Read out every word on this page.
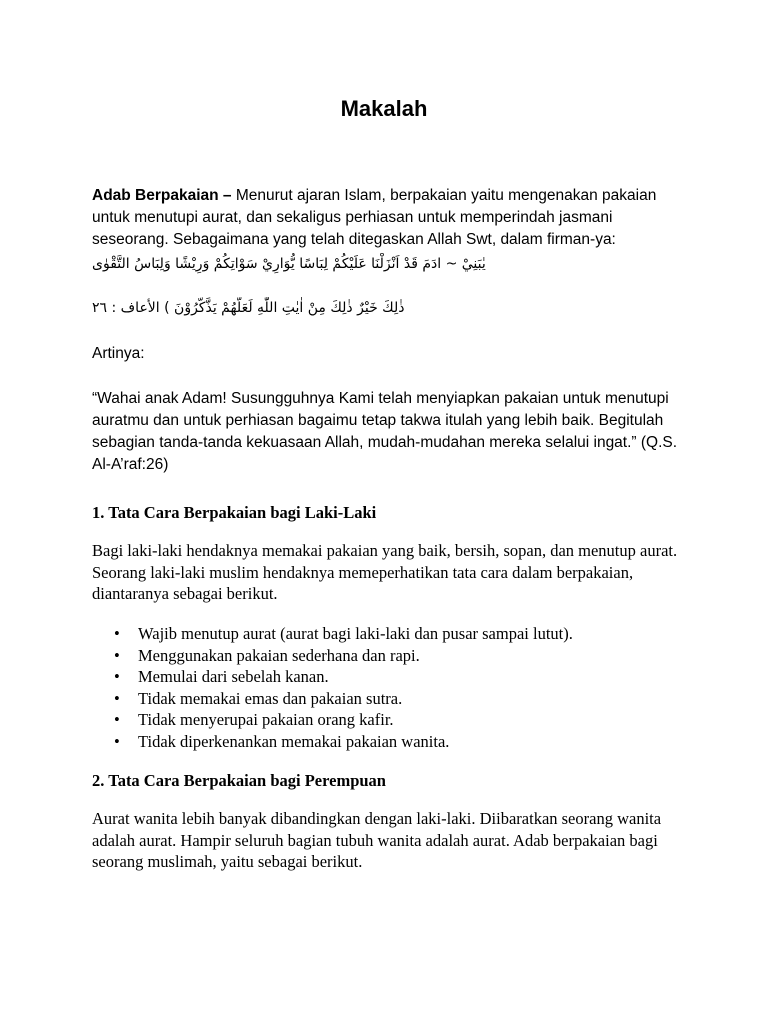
Makalah
Adab Berpakaian – Menurut ajaran Islam, berpakaian yaitu mengenakan pakaian untuk menutupi aurat, dan sekaligus perhiasan untuk memperindah jasmani seseorang. Sebagaimana yang telah ditegaskan Allah Swt, dalam firman-ya:
يٰبَنِيْ ~ ادَمَ قَدْ اَنْزَلْنَا عَلَيْكُمْ لِبَاسًا يُّوَارِيْ سَوْاتِكُمْ وَرِيْشًا وَلِبَاسُ التَّقْوٰى
ذٰلِكَ خَيْرٌ ذٰلِكَ مِنْ اٰيٰتِ اللّٰهِ لَعَلَّهُمْ يَذَّكَّرُوْنَ ) الأعاف : ٢٦
Artinya:
“Wahai anak Adam! Susungguhnya Kami telah menyiapkan pakaian untuk menutupi auratmu dan untuk perhiasan bagaimu tetap takwa itulah yang lebih baik. Begitulah sebagian tanda-tanda kekuasaan Allah, mudah-mudahan mereka selalui ingat.” (Q.S. Al-A’raf:26)
1. Tata Cara Berpakaian bagi Laki-Laki
Bagi laki-laki hendaknya memakai pakaian yang baik, bersih, sopan, dan menutup aurat. Seorang laki-laki muslim hendaknya memeperhatikan tata cara dalam berpakaian, diantaranya sebagai berikut.
• Wajib menutup aurat (aurat bagi laki-laki dan pusar sampai lutut).
• Menggunakan pakaian sederhana dan rapi.
• Memulai dari sebelah kanan.
• Tidak memakai emas dan pakaian sutra.
• Tidak menyerupai pakaian orang kafir.
• Tidak diperkenankan memakai pakaian wanita.
2. Tata Cara Berpakaian bagi Perempuan
Aurat wanita lebih banyak dibandingkan dengan laki-laki. Diibaratkan seorang wanita adalah aurat. Hampir seluruh bagian tubuh wanita adalah aurat. Adab berpakaian bagi seorang muslimah, yaitu sebagai berikut.
